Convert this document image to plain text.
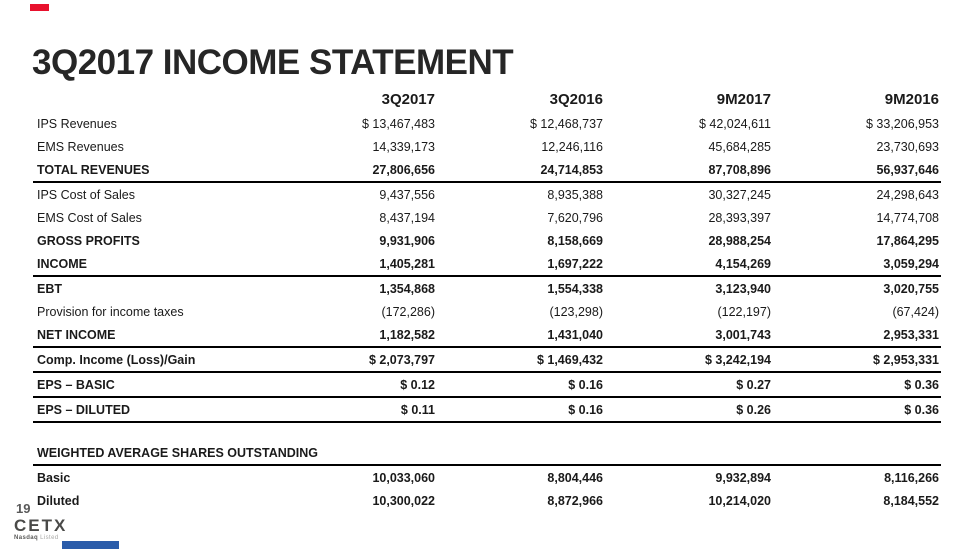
3Q2017 INCOME STATEMENT
	3Q2017	3Q2016	9M2017	9M2016
IPS Revenues	$ 13,467,483	$ 12,468,737	$ 42,024,611	$ 33,206,953
EMS Revenues	14,339,173	12,246,116	45,684,285	23,730,693
TOTAL REVENUES	27,806,656	24,714,853	87,708,896	56,937,646
IPS Cost of Sales	9,437,556	8,935,388	30,327,245	24,298,643
EMS Cost of Sales	8,437,194	7,620,796	28,393,397	14,774,708
GROSS PROFITS	9,931,906	8,158,669	28,988,254	17,864,295
INCOME	1,405,281	1,697,222	4,154,269	3,059,294
EBT	1,354,868	1,554,338	3,123,940	3,020,755
Provision for income taxes	(172,286)	(123,298)	(122,197)	(67,424)
NET INCOME	1,182,582	1,431,040	3,001,743	2,953,331
Comp. Income (Loss)/Gain	$ 2,073,797	$ 1,469,432	$ 3,242,194	$ 2,953,331
EPS – BASIC	$ 0.12	$ 0.16	$ 0.27	$ 0.36
EPS – DILUTED	$ 0.11	$ 0.16	$ 0.26	$ 0.36

WEIGHTED AVERAGE SHARES OUTSTANDING				
Basic	10,033,060	8,804,446	9,932,894	8,116,266
Diluted	10,300,022	8,872,966	10,214,020	8,184,552
19
CETX
Nasdaq Listed
